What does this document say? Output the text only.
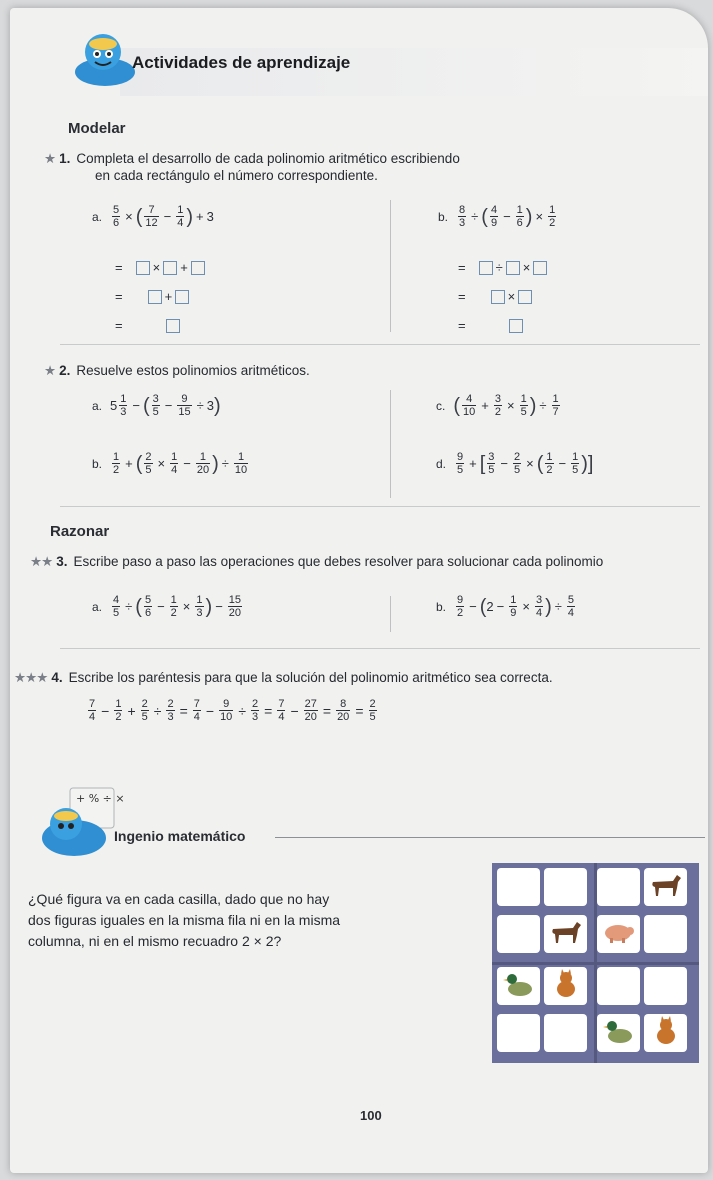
Actividades de aprendizaje
Modelar
★ 1. Completa el desarrollo de cada polinomio aritmético escribiendo
en cada rectángulo el número correspondiente.
a. $\frac{5}{6}$ × ( $\frac{7}{12} - \frac{1}{4}$ ) + 3
= × +
=	+
=
b. $\frac{8}{3}$ ÷ ( $\frac{4}{9} - \frac{1}{6}$ ) × $\frac{1}{2}$
= ÷ ×
=	×
=
★ 2. Resuelve estos polinomios aritméticos.
a. $5 \frac{1}{3}$ − ( $\frac{3}{5} - \frac{9}{15} \div 3$ )
b. $\frac{1}{2}$ + ( $\frac{2}{5} \times \frac{1}{4} - \frac{1}{20}$ ) ÷ $\frac{1}{10}$
c. ( $\frac{4}{10} + \frac{3}{2} \times \frac{1}{5}$ ) ÷ $\frac{1}{7}$
d. $\frac{9}{5}$ + [ $\frac{3}{5} - \frac{2}{5}$ × ( $\frac{1}{2} - \frac{1}{5}$ )]
Razonar
★★ 3. Escribe paso a paso las operaciones que debes resolver para solucionar cada polinomio
a. $\frac{4}{5}$ ÷ ( $\frac{5}{6} - \frac{1}{2} \times \frac{1}{3}$ ) − $\frac{15}{20}$	b. $\frac{9}{2}$ − ( $2 - \frac{1}{9} \times \frac{3}{4}$ ) ÷ $\frac{5}{4}$
★★★ 4. Escribe los paréntesis para que la solución del polinomio aritmético sea correcta.
$\frac{7}{4} - \frac{1}{2} + \frac{2}{5} \div \frac{2}{3} = \frac{7}{4} - \frac{9}{10} \div \frac{2}{3} = \frac{7}{4} - \frac{27}{20} = \frac{8}{20} = \frac{2}{5}$
+ % ÷ ×
Ingenio matemático
¿Qué figura va en cada casilla, dado que no hay
dos figuras iguales en la misma fila ni en la misma
columna, ni en el mismo recuadro 2 × 2?
100
